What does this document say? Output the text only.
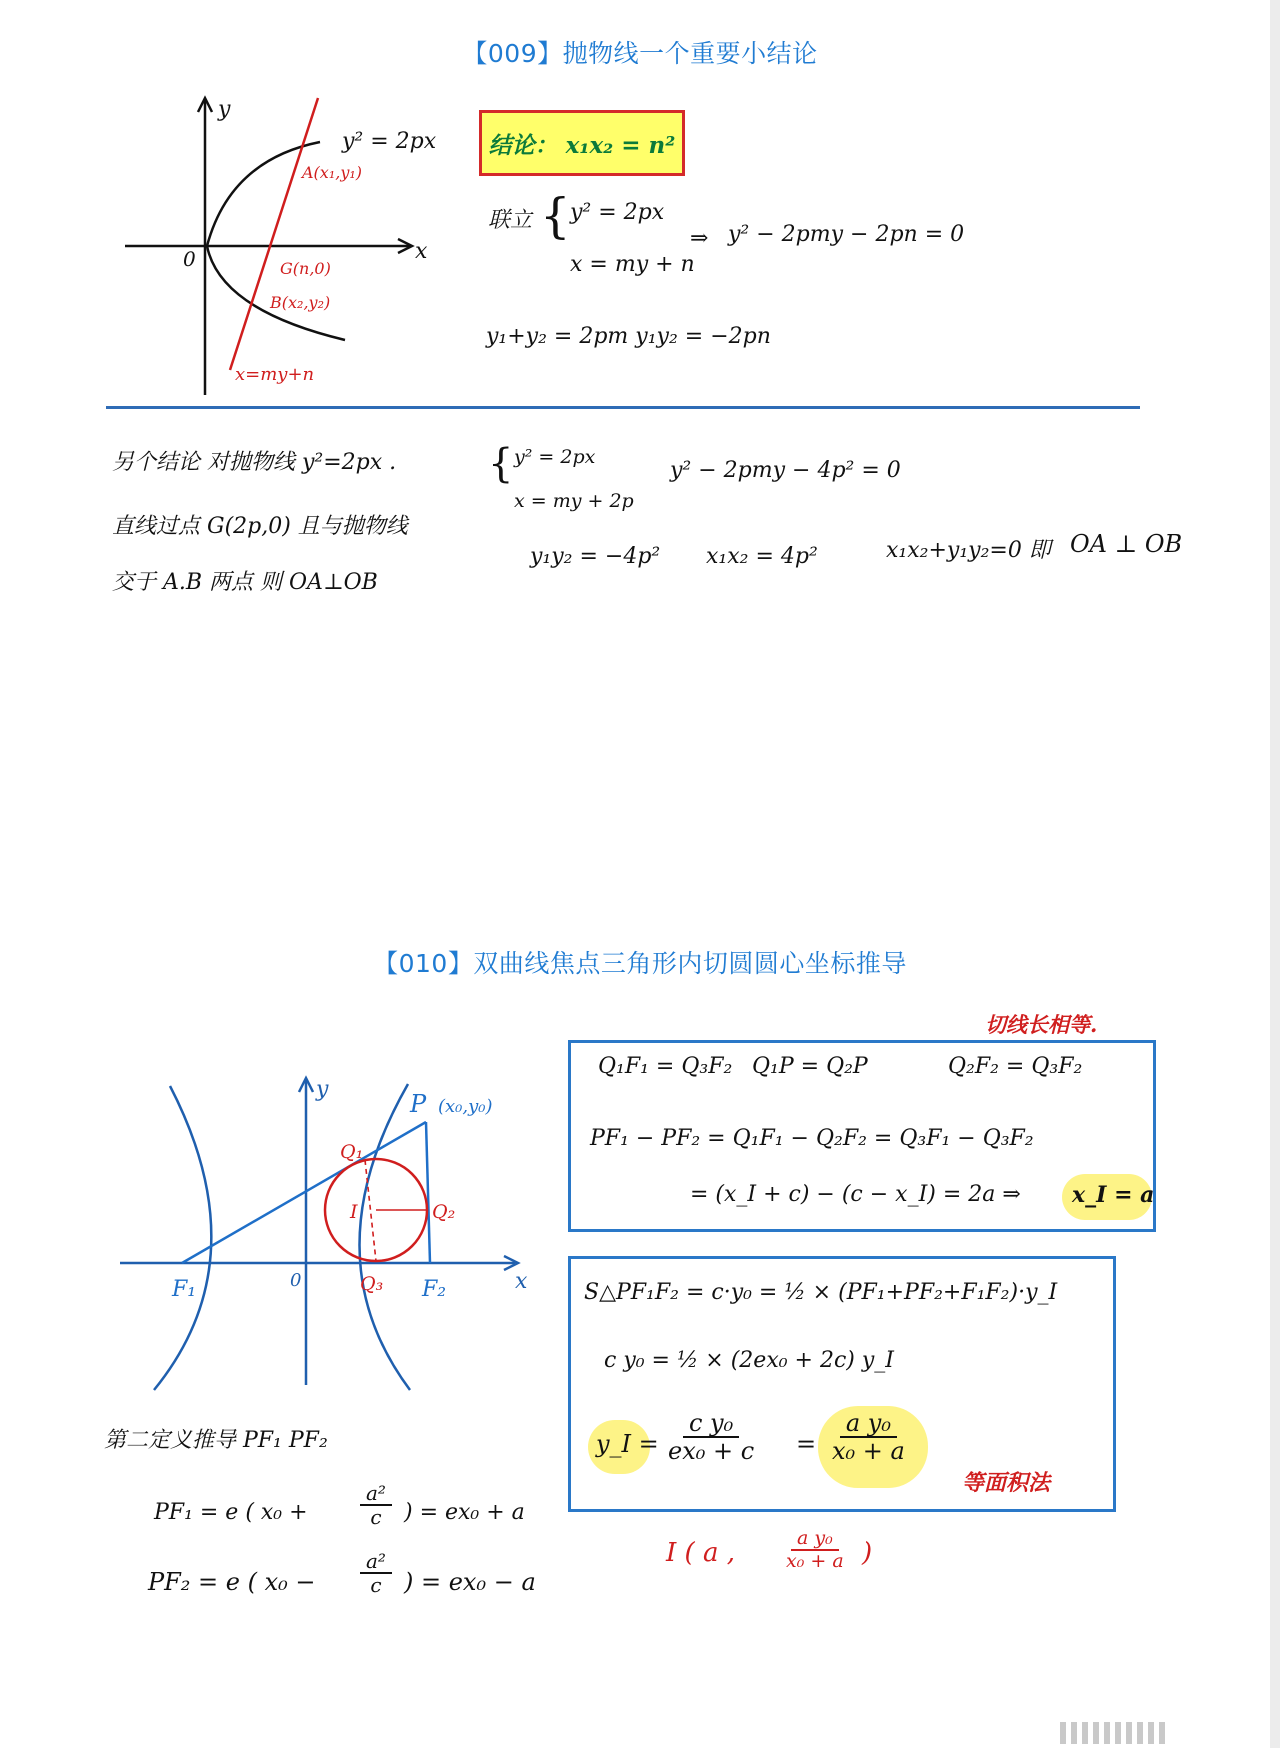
【009】抛物线一个重要小结论
y
x
0
y² = 2px
A(x₁,y₁)
G(n,0)
B(x₂,y₂)
x=my+n
结论： x₁x₂ = n²
联立 { y² = 2px
x = my + n
⇒ y² − 2pmy − 2pn = 0
y₁+y₂ = 2pm y₁y₂ = −2pn
另个结论 对抛物线 y²=2px .
直线过点 G(2p,0) 且与抛物线
交于 A.B 两点 则 OA⊥OB
{ y² = 2px
x = my + 2p
y² − 2pmy − 4p² = 0
y₁y₂ = −4p² x₁x₂ = 4p²	x₁x₂+y₁y₂=0 即 OA ⊥ OB
【010】双曲线焦点三角形内切圆圆心坐标推导
切线长相等.
y
x
0
P (x₀,y₀)
Q₁
Q₂
Q₃
I
F₁	F₂
Q₁F₁ = Q₃F₂ Q₁P = Q₂P	Q₂F₂ = Q₃F₂
PF₁ − PF₂ = Q₁F₁ − Q₂F₂ = Q₃F₁ − Q₃F₂
= (x_I + c) − (c − x_I) = 2a ⇒ x_I = a
S△PF₁F₂ = c·y₀ = ½ × (PF₁+PF₂+F₁F₂)·y_I
c y₀ = ½ × (2ex₀ + 2c) y_I
y_I = $\frac{\text{c y₀}}{\text{ex₀ + c}} = \frac{\text{a y₀}}{\text{x₀ + a}}$
等面积法
I ( a , $\frac{\text{a y₀}}{\text{x₀ + a}}$ )
第二定义推导 PF₁ PF₂
PF₁ = e ( x₀ +	$\frac{\text{a²}}{c}$ ) = ex₀ + a
PF₂ = e ( $x_0 - \frac{\text{a²}}{c}$ ) = ex₀ − a
